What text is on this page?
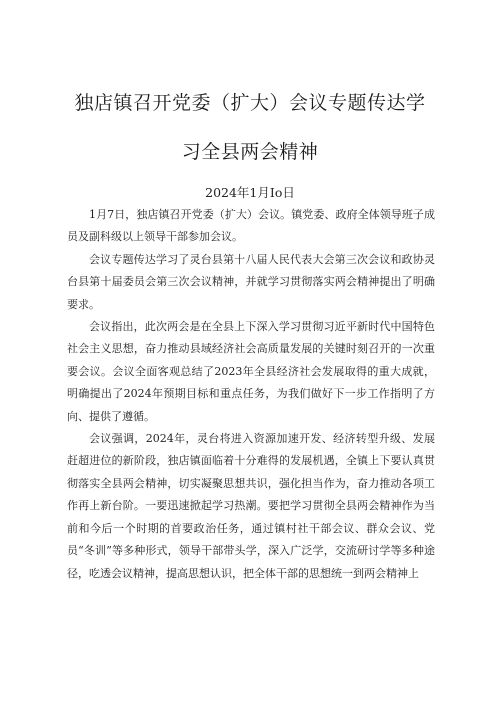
独店镇召开党委（扩大）会议专题传达学
习全县两会精神
2024年1月Io日

1月7日，独店镇召开党委（扩大）会议。镇党委、政府全体领导班子成员及副科级以上领导干部参加会议。

会议专题传达学习了灵台县第十八届人民代表大会第三次会议和政协灵台县第十届委员会第三次会议精神，并就学习贯彻落实两会精神提出了明确要求。

会议指出，此次两会是在全县上下深入学习贯彻习近平新时代中国特色社会主义思想，奋力推动县域经济社会高质量发展的关键时刻召开的一次重要会议。会议全面客观总结了2023年全县经济社会发展取得的重大成就，明确提出了2024年预期目标和重点任务，为我们做好下一步工作指明了方向、提供了遵循。

会议强调，2024年，灵台将进入资源加速开发、经济转型升级、发展赶超进位的新阶段，独店镇面临着十分难得的发展机遇，全镇上下要认真贯彻落实全县两会精神，切实凝聚思想共识，强化担当作为，奋力推动各项工作再上新台阶。一要迅速掀起学习热潮。要把学习贯彻全县两会精神作为当前和今后一个时期的首要政治任务，通过镇村社干部会议、群众会议、党员“冬训”等多种形式，领导干部带头学，深入广泛学，交流研讨学等多种途径，吃透会议精神，提高思想认识，把全体干部的思想统一到两会精神上
